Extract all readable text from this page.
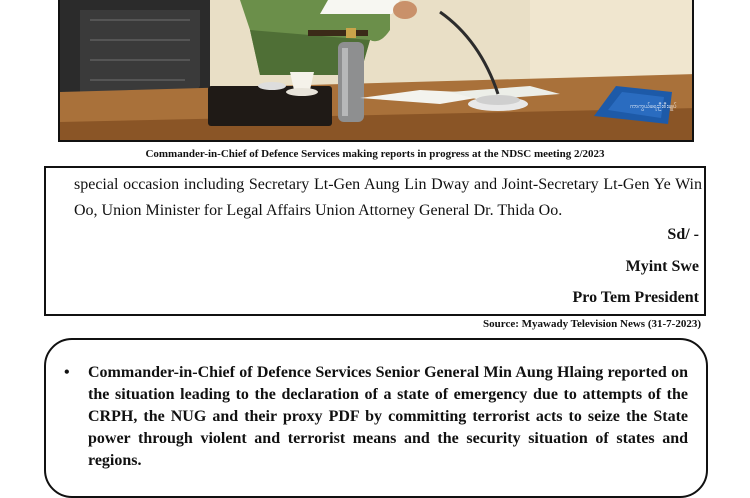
ကာကွယ်ရေးဦးစီးချုပ်
Commander-in-Chief of Defence Services making reports in progress at the NDSC meeting 2/2023

special occasion including Secretary Lt-Gen Aung Lin Dway and Joint-Secretary Lt-Gen Ye Win Oo, Union Minister for Legal Affairs Union Attorney General Dr. Thida Oo.

Sd/ -
Myint Swe
Pro Tem President
Source: Myawady Television News (31-7-2023)
• Commander-in-Chief of Defence Services Senior General Min Aung Hlaing reported on the situation leading to the declaration of a state of emergency due to attempts of the CRPH, the NUG and their proxy PDF by committing terrorist acts to seize the State power through violent and terrorist means and the security situation of states and regions.
